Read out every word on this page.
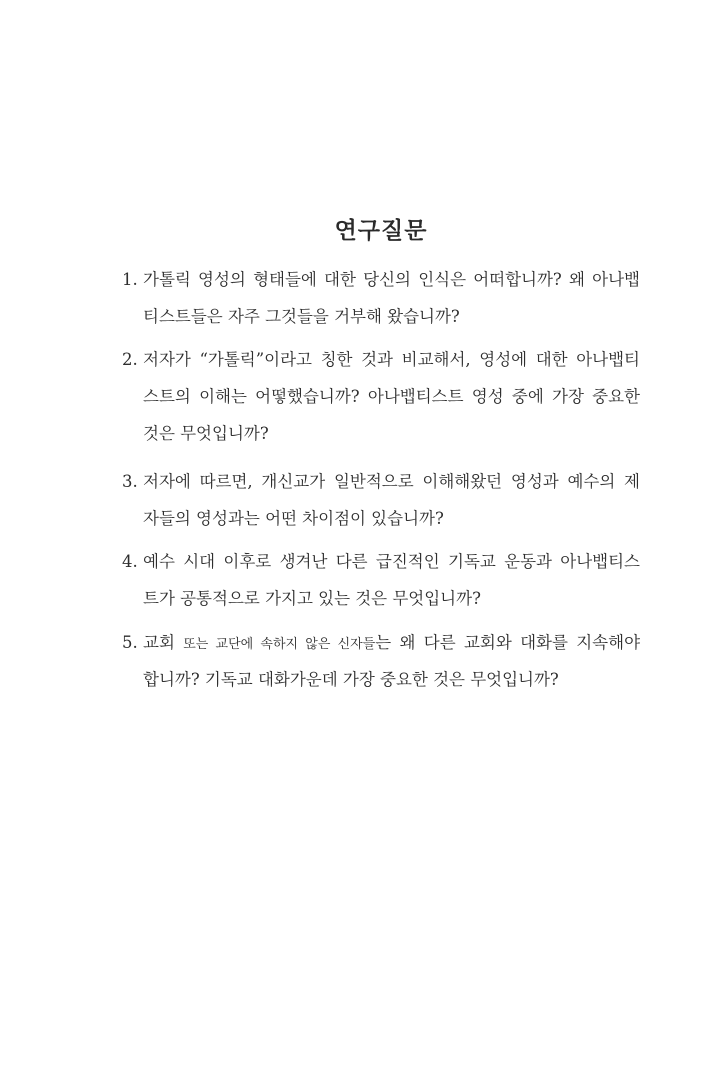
연구질문
1. 가톨릭 영성의 형태들에 대한 당신의 인식은 어떠합니까? 왜 아나뱁
티스트들은 자주 그것들을 거부해 왔습니까?
2. 저자가 “가톨릭”이라고 칭한 것과 비교해서, 영성에 대한 아나뱁티
스트의 이해는 어떻했습니까? 아나뱁티스트 영성 중에 가장 중요한
것은 무엇입니까?
3. 저자에 따르면, 개신교가 일반적으로 이해해왔던 영성과 예수의 제
자들의 영성과는 어떤 차이점이 있습니까?
4. 예수 시대 이후로 생겨난 다른 급진적인 기독교 운동과 아나뱁티스
트가 공통적으로 가지고 있는 것은 무엇입니까?
5. 교회 또는 교단에 속하지 않은 신자들는 왜 다른 교회와 대화를 지속해야
합니까? 기독교 대화가운데 가장 중요한 것은 무엇입니까?
